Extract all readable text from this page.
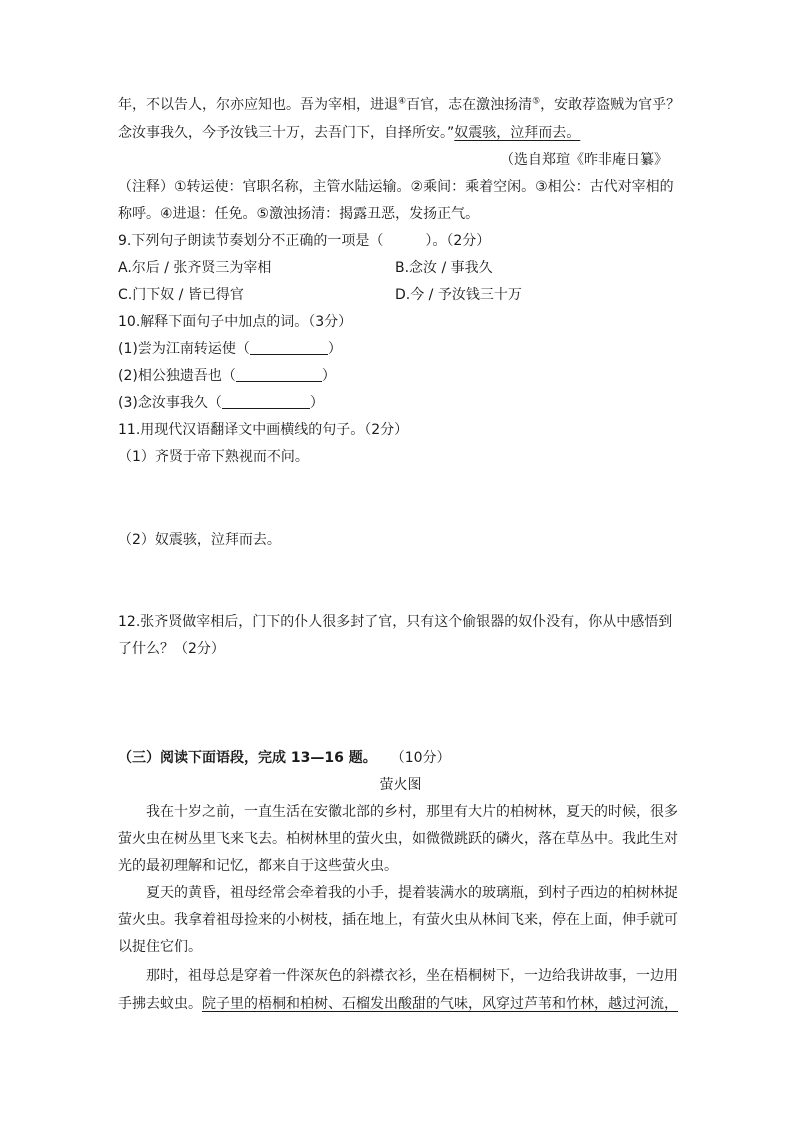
年，不以告人，尔亦应知也。吾为宰相，进退④百官，志在激浊扬清⑤，安敢荐盗贼为官乎？
念汝事我久，今予汝钱三十万，去吾门下，自择所安。”奴震骇，泣拜而去。
（选自郑瑄《昨非庵日纂》
（注释）①转运使：官职名称，主管水陆运输。②乘间：乘着空闲。③相公：古代对宰相的
称呼。④进退：任免。⑤激浊扬清：揭露丑恶，发扬正气。
9.下列句子朗读节奏划分不正确的一项是（　　　）。（2分）
A.尔后 / 张齐贤三为宰相	B.念汝 / 事我久
C.门下奴 / 皆已得官	D.今 / 予汝钱三十万
10.解释下面句子中加点的词。（3分）
(1)尝为江南转运使（	）
(2)相公独遗吾也（	）
(3)念汝事我久（	）
11.用现代汉语翻译文中画横线的句子。（2分）
（1）齐贤于帝下熟视而不问。
（2）奴震骇，泣拜而去。
12.张齐贤做宰相后，门下的仆人很多封了官，只有这个偷银器的奴仆没有，你从中感悟到
了什么？（2分）
（三）阅读下面语段，完成 13—16 题。　　 （10分）
萤火图
我在十岁之前，一直生活在安徽北部的乡村，那里有大片的柏树林，夏天的时候，很多
萤火虫在树丛里飞来飞去。柏树林里的萤火虫，如微微跳跃的磷火，落在草丛中。我此生对
光的最初理解和记忆，都来自于这些萤火虫。
夏天的黄昏，祖母经常会牵着我的小手，提着装满水的玻璃瓶，到村子西边的柏树林捉
萤火虫。我拿着祖母捡来的小树枝，插在地上，有萤火虫从林间飞来，停在上面，伸手就可
以捉住它们。
那时，祖母总是穿着一件深灰色的斜襟衣衫，坐在梧桐树下，一边给我讲故事，一边用
手拂去蚊虫。院子里的梧桐和柏树、石榴发出酸甜的气味，风穿过芦苇和竹林，越过河流，
